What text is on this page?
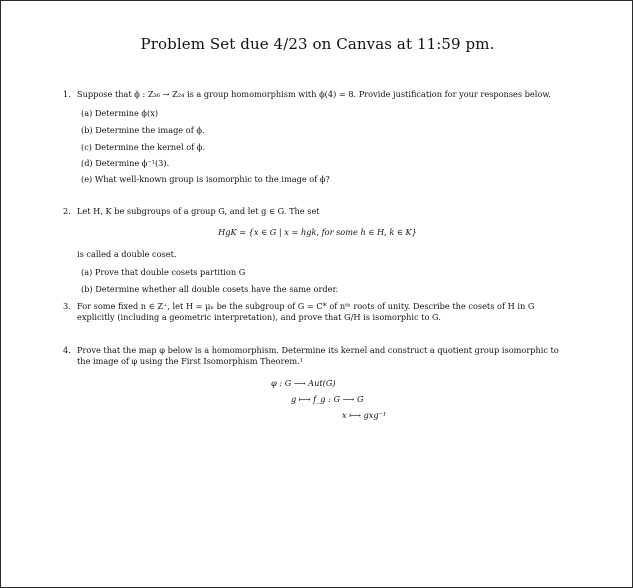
Problem Set due 4/23 on Canvas at 11:59 pm.
1. Suppose that ϕ : Z₃₆ → Z₂₄ is a group homomorphism with ϕ(4) = 8. Provide justification for your responses below.
(a) Determine ϕ(x)
(b) Determine the image of ϕ.
(c) Determine the kernel of ϕ.
(d) Determine ϕ⁻¹(3).
(e) What well-known group is isomorphic to the image of ϕ?
2. Let H, K be subgroups of a group G, and let g ∈ G. The set
HgK = {x ∈ G | x = hgk, for some h ∈ H, k ∈ K}
is called a double coset.
(a) Prove that double cosets partition G
(b) Determine whether all double cosets have the same order.
3. For some fixed n ∈ Z⁺, let H = μₙ be the subgroup of G = C* of nᵗʰ roots of unity. Describe the cosets of H in G
explicitly (including a geometric interpretation), and prove that G/H is isomorphic to G.
4. Prove that the map φ below is a homomorphism. Determine its kernel and construct a quotient group isomorphic to
the image of φ using the First Isomorphism Theorem.¹
φ : G ⟶ Aut(G)
g ⟼ f_g : G ⟶ G
x ⟼ gxg⁻¹
